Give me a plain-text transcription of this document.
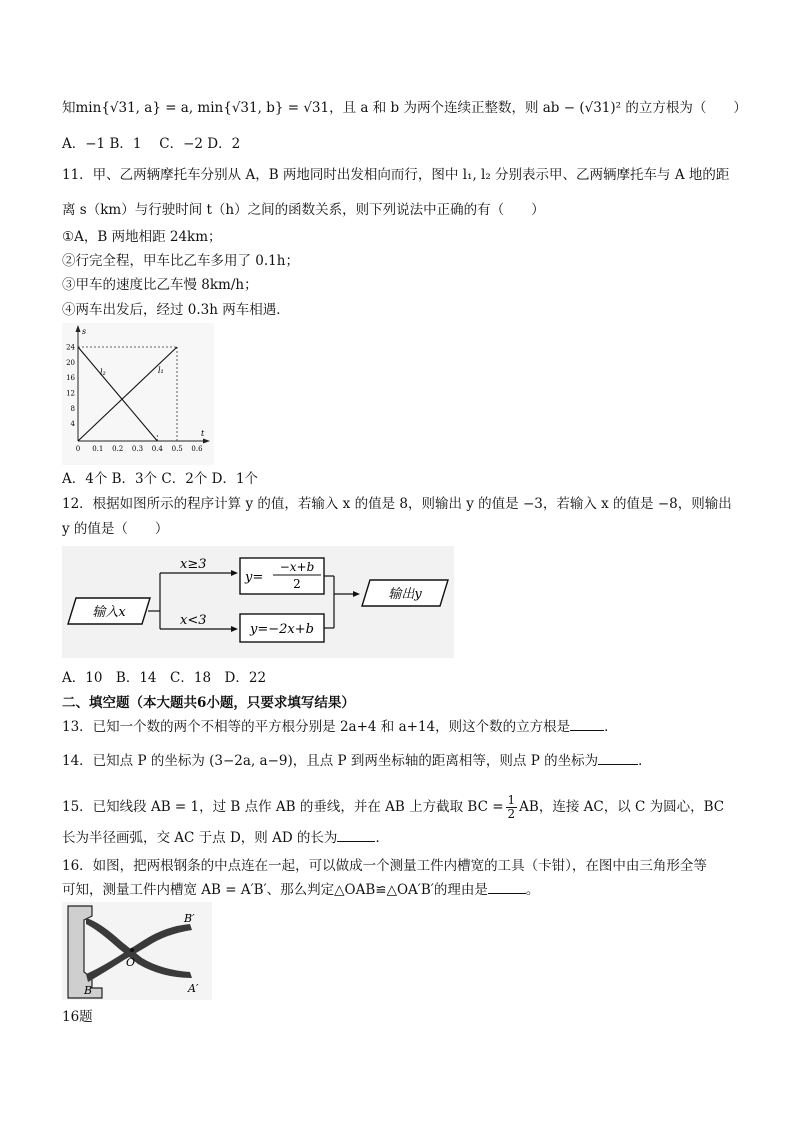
知min{√31, a} = a, min{√31, b} = √31，且 a 和 b 为两个连续正整数，则 ab − (√31)² 的立方根为（　　）
A．−1 B．1　 C．−2 D．2
11．甲、乙两辆摩托车分别从 A，B 两地同时出发相向而行，图中 l₁, l₂ 分别表示甲、乙两辆摩托车与 A 地的距
离 s（km）与行驶时间 t（h）之间的函数关系，则下列说法中正确的有（　　）
①A，B 两地相距 24km；
②行完全程，甲车比乙车多用了 0.1h；
③甲车的速度比乙车慢 8km/h；
④两车出发后，经过 0.3h 两车相遇．
s
t
24
20
16
12
8
4
0 0.1 0.2 0.3 0.4 0.5 0.6
l₁
l₂
A．4个 B．3个 C．2个 D．1个
12．根据如图所示的程序计算 y 的值，若输入 x 的值是 8，则输出 y 的值是 −3，若输入 x 的值是 −8，则输出
y 的值是（　　）
输入x
x≥3
x<3
y=
−x+b
2
y=−2x+b
输出y
A．10　B．14　C．18　D．22
二、填空题（本大题共6小题，只要求填写结果）
13．已知一个数的两个不相等的平方根分别是 2a+4 和 a+14，则这个数的立方根是	．
14．已知点 P 的坐标为 (3−2a, a−9)，且点 P 到两坐标轴的距离相等，则点 P 的坐标为	．
15．已知线段 AB = 1，过 B 点作 AB 的垂线，并在 AB 上方截取 BC = $\frac{1}{2}$ AB，连接 AC，以 C 为圆心，BC
长为半径画弧，交 AC 于点 D，则 AD 的长为	．
16．如图，把两根钢条的中点连在一起，可以做成一个测量工件内槽宽的工具（卡钳），在图中由三角形全等
可知，测量工件内槽宽 AB = A′B′、那么判定△OAB≌△OA′B′的理由是	。
B′
A′
O
B
16题
